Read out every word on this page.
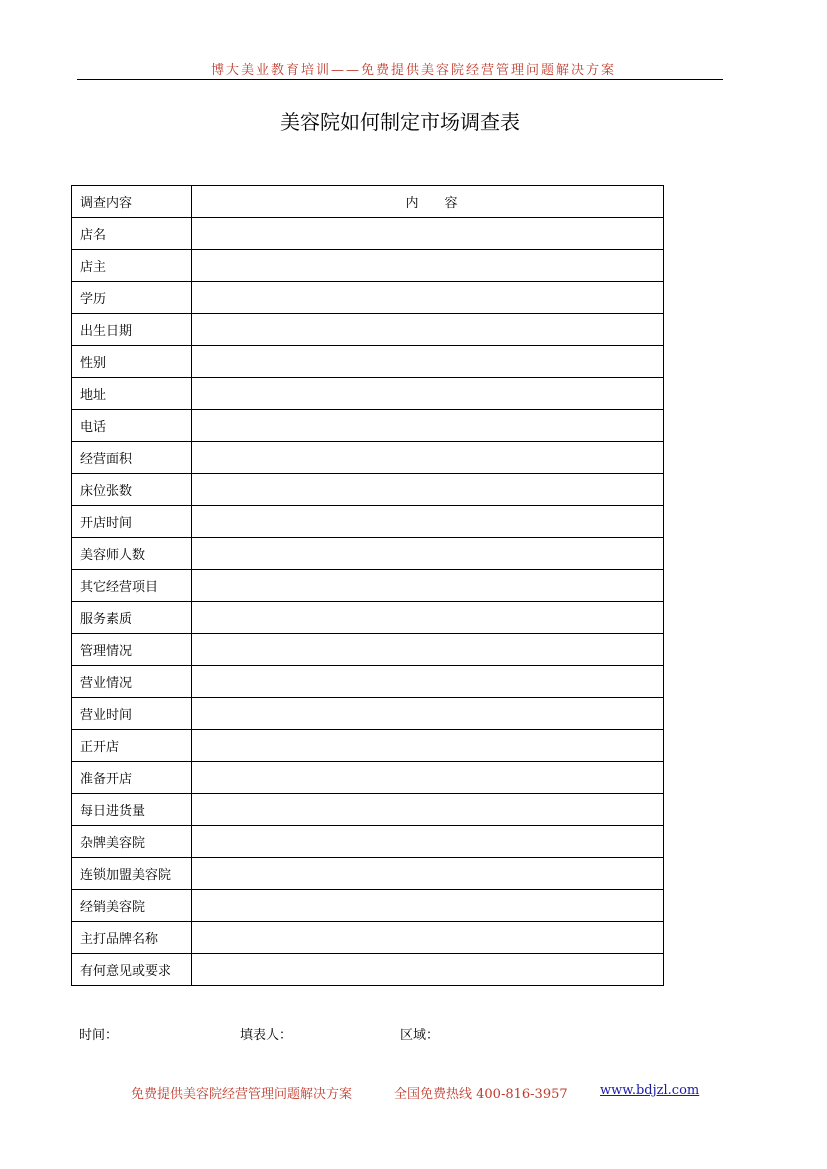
博大美业教育培训——免费提供美容院经营管理问题解决方案
美容院如何制定市场调查表
调查内容	内　　容
店名	
店主	
学历	
出生日期	
性别	
地址	
电话	
经营面积	
床位张数	
开店时间	
美容师人数	
其它经营项目	
服务素质	
管理情况	
营业情况	
营业时间	
正开店	
准备开店	
每日进货量	
杂牌美容院	
连锁加盟美容院	
经销美容院	
主打品牌名称	
有何意见或要求	
时间：	填表人：	区域：
免费提供美容院经营管理问题解决方案	全国免费热线 400-816-3957 www.bdjzl.com
